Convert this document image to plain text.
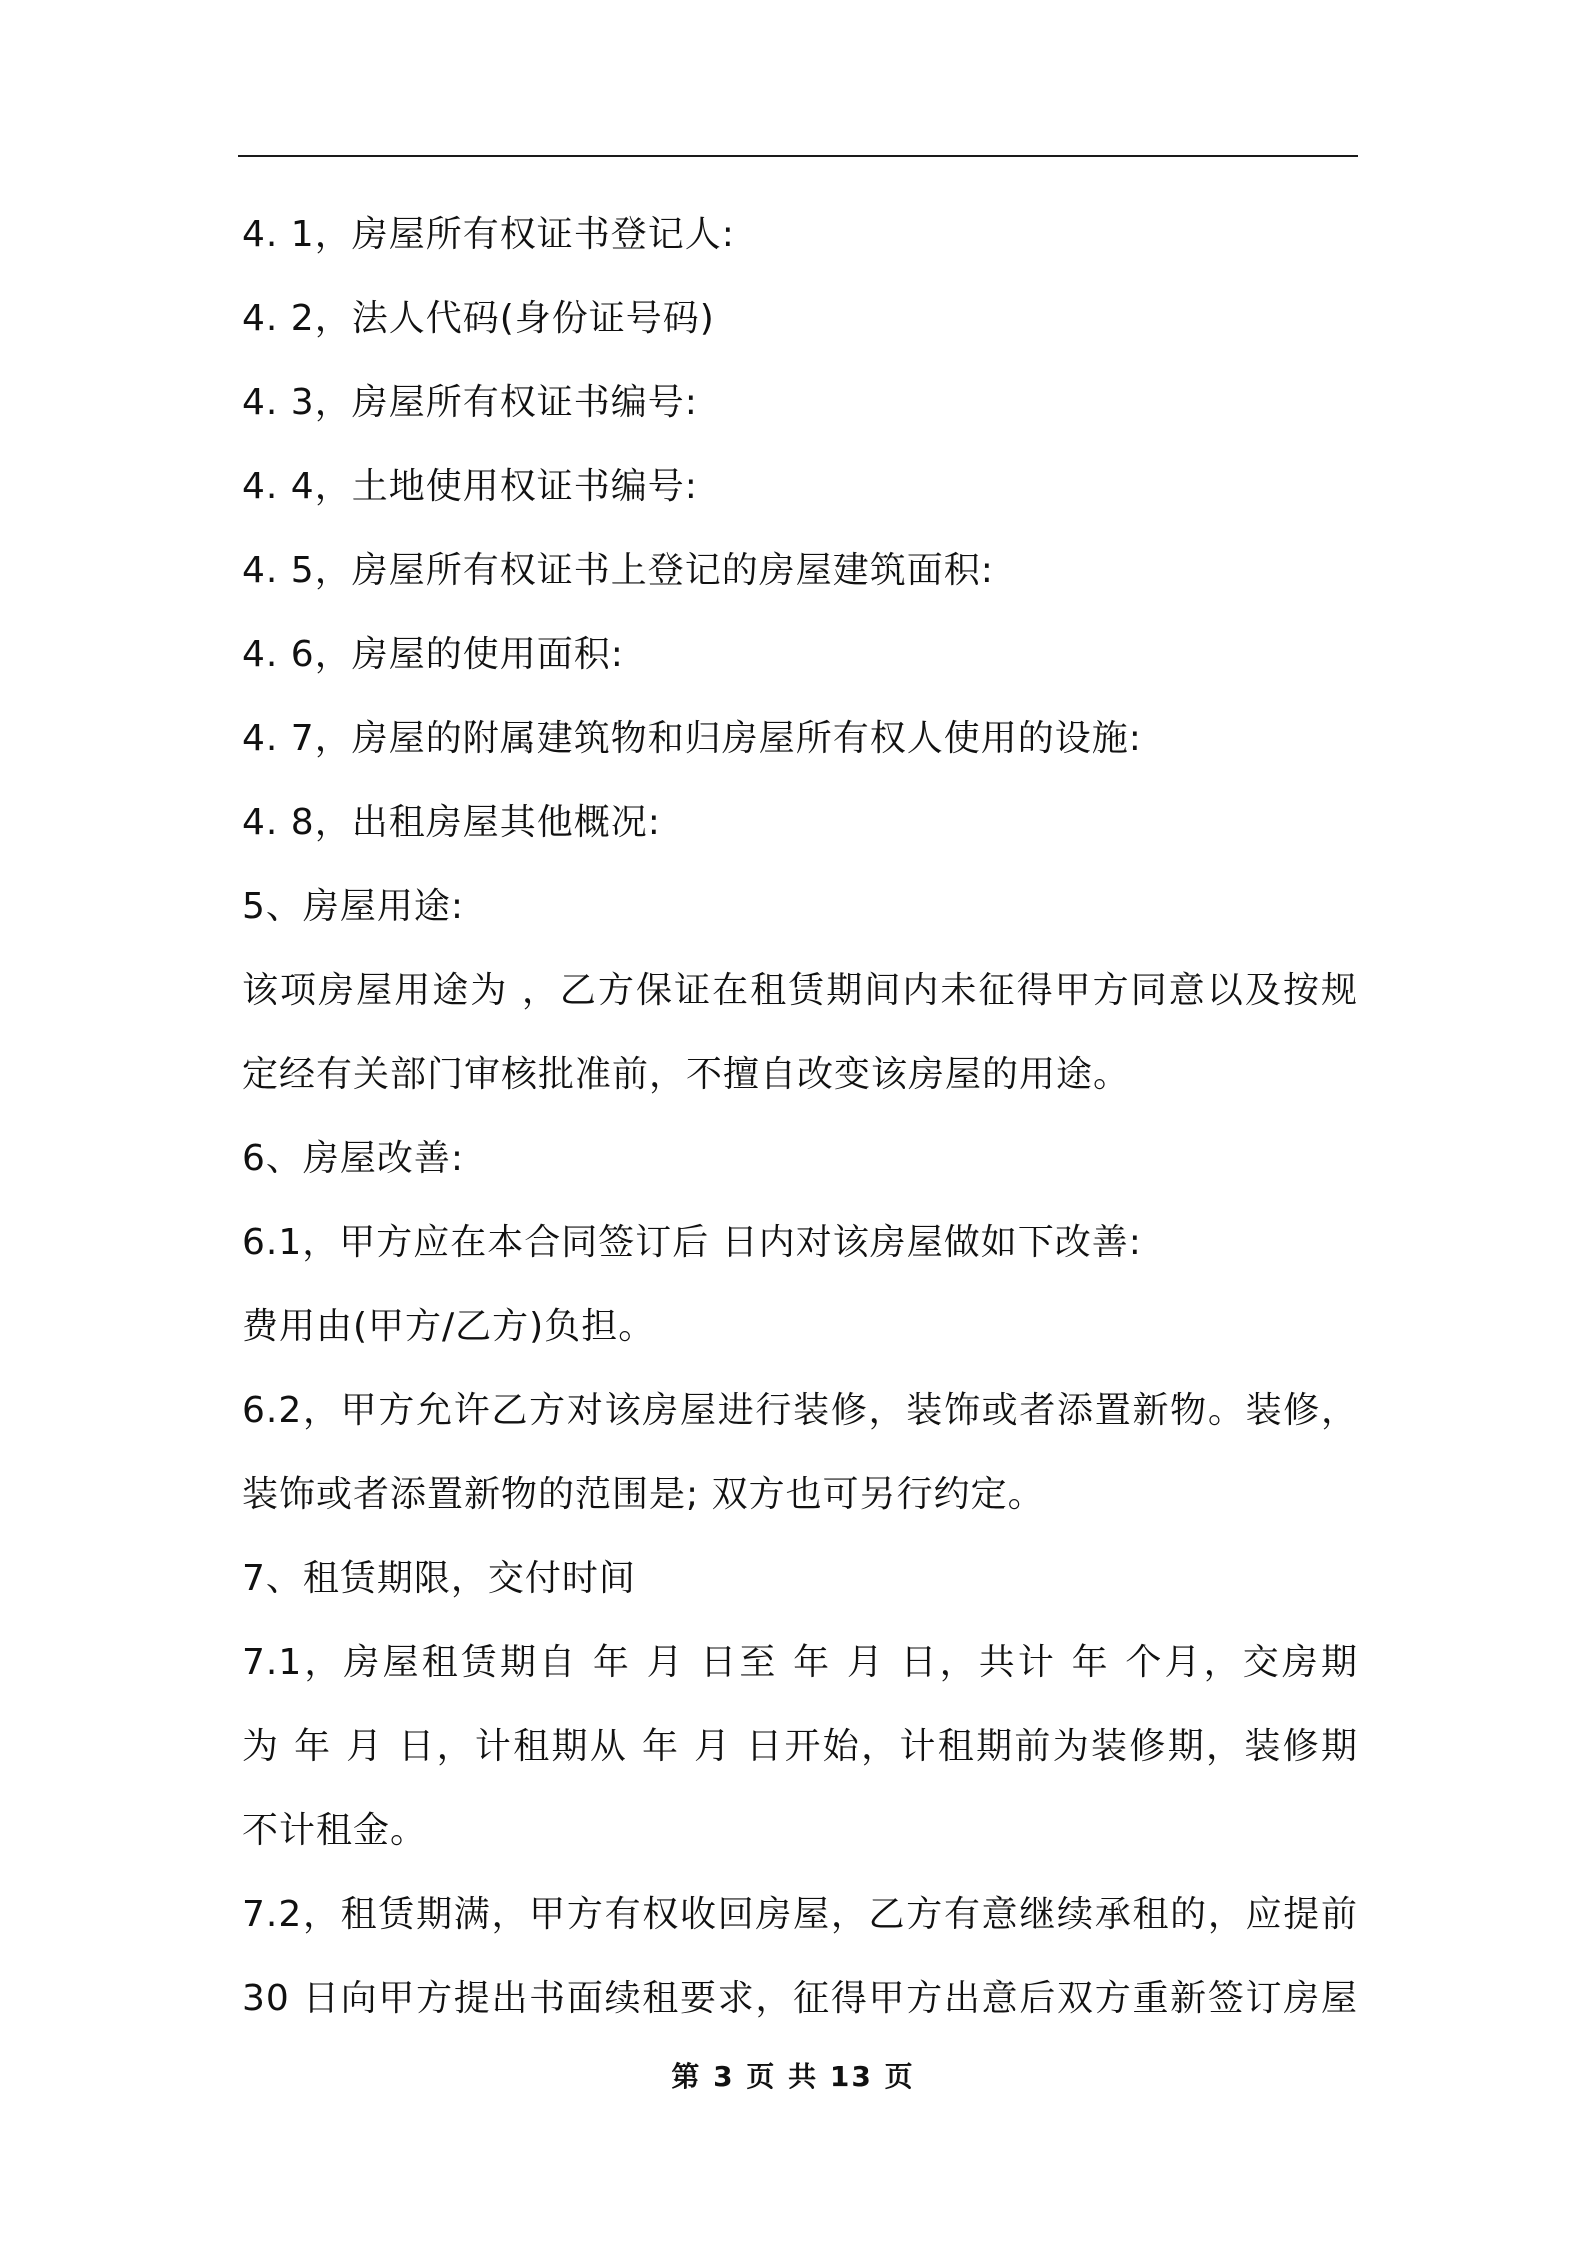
4. 1，房屋所有权证书登记人:
4. 2，法人代码(身份证号码)
4. 3，房屋所有权证书编号:
4. 4，土地使用权证书编号:
4. 5，房屋所有权证书上登记的房屋建筑面积:
4. 6，房屋的使用面积:
4. 7，房屋的附属建筑物和归房屋所有权人使用的设施:
4. 8，出租房屋其他概况:
5、房屋用途:
该项房屋用途为 ，乙方保证在租赁期间内未征得甲方同意以及按规
定经有关部门审核批准前，不擅自改变该房屋的用途。
6、房屋改善:
6.1，甲方应在本合同签订后 日内对该房屋做如下改善:
费用由(甲方/乙方)负担。
6.2，甲方允许乙方对该房屋进行装修，装饰或者添置新物。装修，
装饰或者添置新物的范围是; 双方也可另行约定。
7、租赁期限，交付时间
7.1，房屋租赁期自 年 月 日至 年 月 日，共计 年 个月，交房期
为 年 月 日，计租期从 年 月 日开始，计租期前为装修期，装修期
不计租金。
7.2，租赁期满，甲方有权收回房屋，乙方有意继续承租的，应提前
30 日向甲方提出书面续租要求，征得甲方出意后双方重新签订房屋
第 3 页 共 13 页
